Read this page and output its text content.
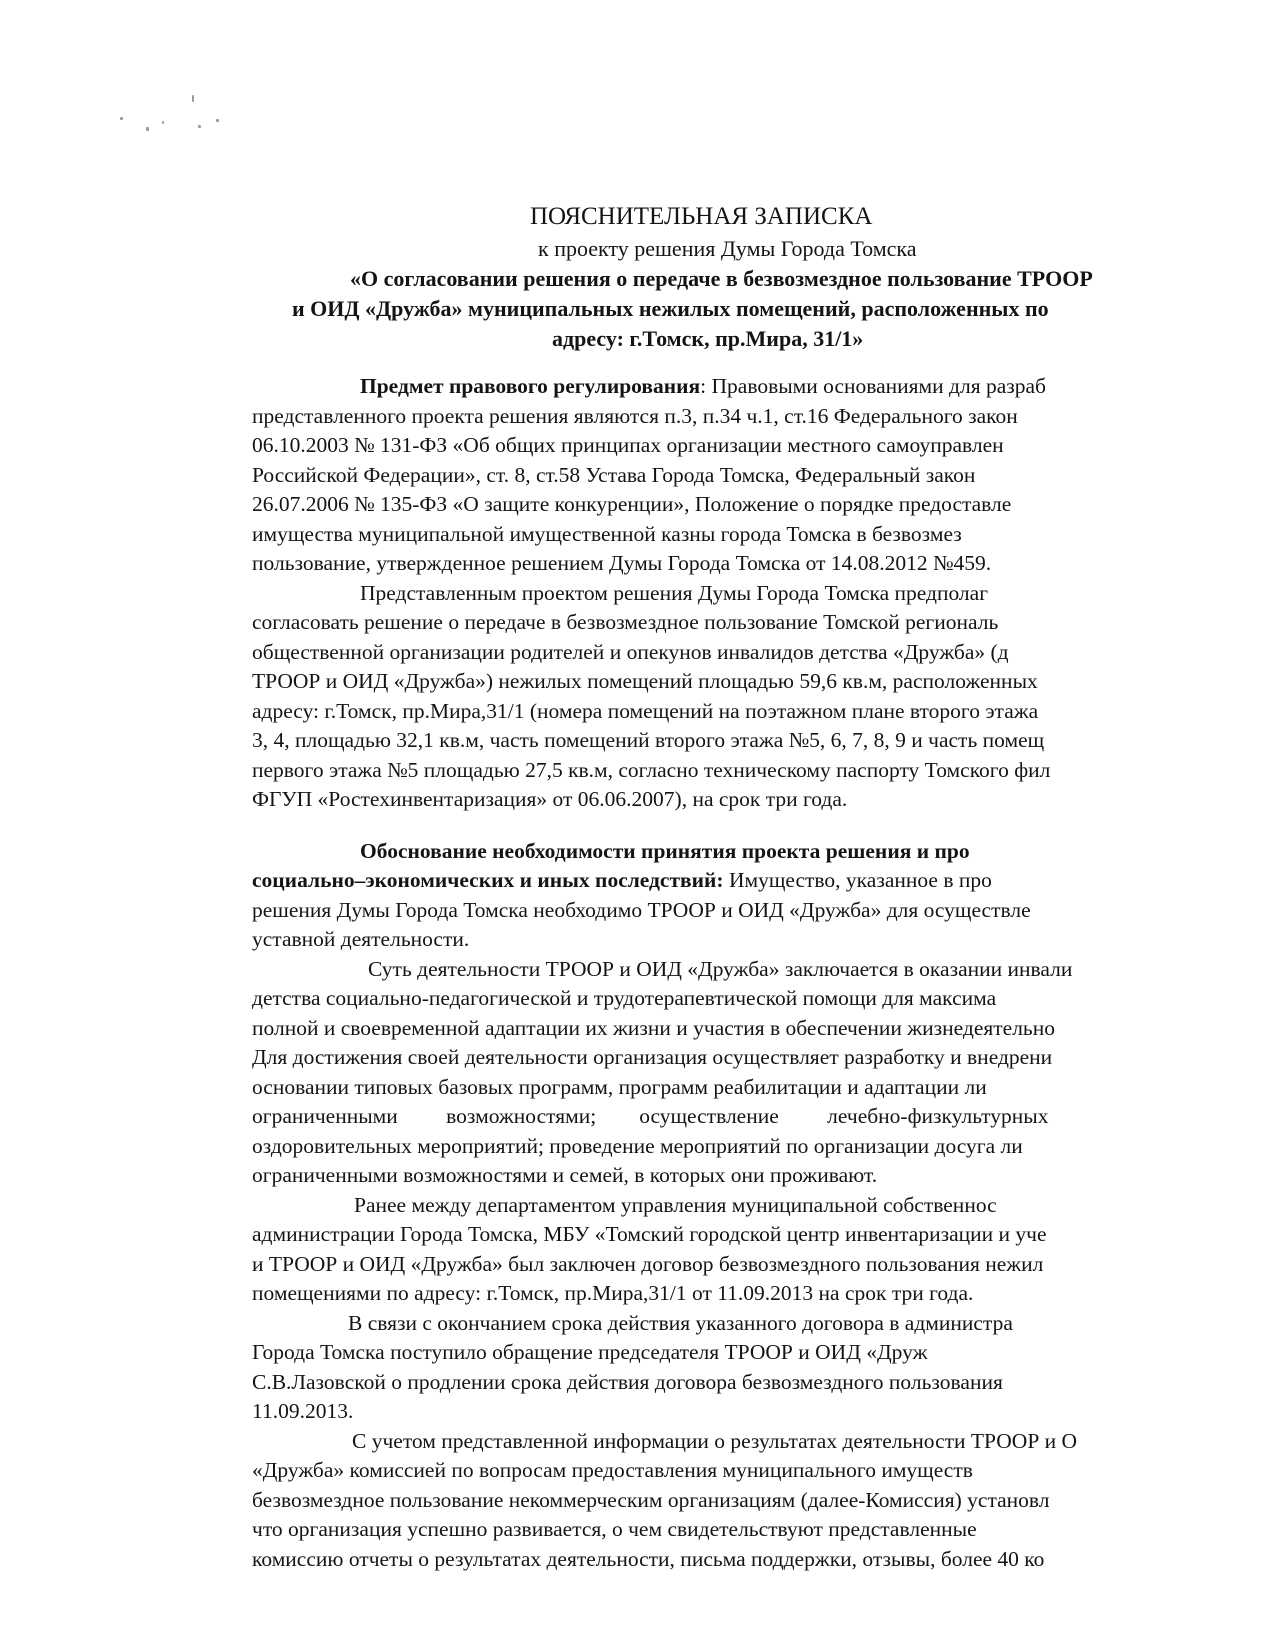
ПОЯСНИТЕЛЬНАЯ ЗАПИСКА
к проекту решения Думы Города Томска
«О согласовании решения о передаче в безвозмездное пользование ТРООР
и ОИД «Дружба» муниципальных нежилых помещений, расположенных по
адресу: г.Томск, пр.Мира, 31/1»

Предмет правового регулирования: Правовыми основаниями для разраб

представленного проекта решения являются п.3, п.34 ч.1, ст.16 Федерального закон

06.10.2003 № 131-ФЗ «Об общих принципах организации местного самоуправлен

Российской Федерации», ст. 8, ст.58 Устава Города Томска, Федеральный закон

26.07.2006 № 135-ФЗ «О защите конкуренции», Положение о порядке предоставле

имущества муниципальной имущественной казны города Томска в безвозмез

пользование, утвержденное решением Думы Города Томска от 14.08.2012 №459.

Представленным проектом решения Думы Города Томска предполаг

согласовать решение о передаче в безвозмездное пользование Томской региональ

общественной организации родителей и опекунов инвалидов детства «Дружба» (д

ТРООР и ОИД «Дружба») нежилых помещений площадью 59,6 кв.м, расположенных

адресу: г.Томск, пр.Мира,31/1 (номера помещений на поэтажном плане второго этажа

3, 4, площадью 32,1 кв.м, часть помещений второго этажа №5, 6, 7, 8, 9 и часть помещ

первого этажа №5 площадью 27,5 кв.м, согласно техническому паспорту Томского фил

ФГУП «Ростехинвентаризация» от 06.06.2007), на срок три года.

Обоснование необходимости принятия проекта решения и про

социально–экономических и иных последствий: Имущество, указанное в про

решения Думы Города Томска необходимо ТРООР и ОИД «Дружба» для осуществле

уставной деятельности.

Суть деятельности ТРООР и ОИД «Дружба» заключается в оказании инвали

детства социально-педагогической и трудотерапевтической помощи для максима

полной и своевременной адаптации их жизни и участия в обеспечении жизнедеятельно

Для достижения своей деятельности организация осуществляет разработку и внедрени

основании типовых базовых программ, программ реабилитации и адаптации ли

ограниченными         возможностями;        осуществление         лечебно-физкультурных

оздоровительных мероприятий; проведение мероприятий по организации досуга ли

ограниченными возможностями и семей, в которых они проживают.

Ранее между департаментом управления муниципальной собственнос

администрации Города Томска, МБУ «Томский городской центр инвентаризации и уче

и ТРООР и ОИД «Дружба» был заключен договор безвозмездного пользования нежил

помещениями по адресу: г.Томск, пр.Мира,31/1 от 11.09.2013 на срок три года.

В связи с окончанием срока действия указанного договора в администра

Города Томска поступило обращение председателя ТРООР и ОИД «Друж

С.В.Лазовской о продлении срока действия договора безвозмездного пользования

11.09.2013.

С учетом представленной информации о результатах деятельности ТРООР и О

«Дружба» комиссией по вопросам предоставления муниципального имуществ

безвозмездное пользование некоммерческим организациям (далее-Комиссия) установл

что организация успешно развивается, о чем свидетельствуют представленные

комиссию отчеты о результатах деятельности, письма поддержки, отзывы, более 40 ко
